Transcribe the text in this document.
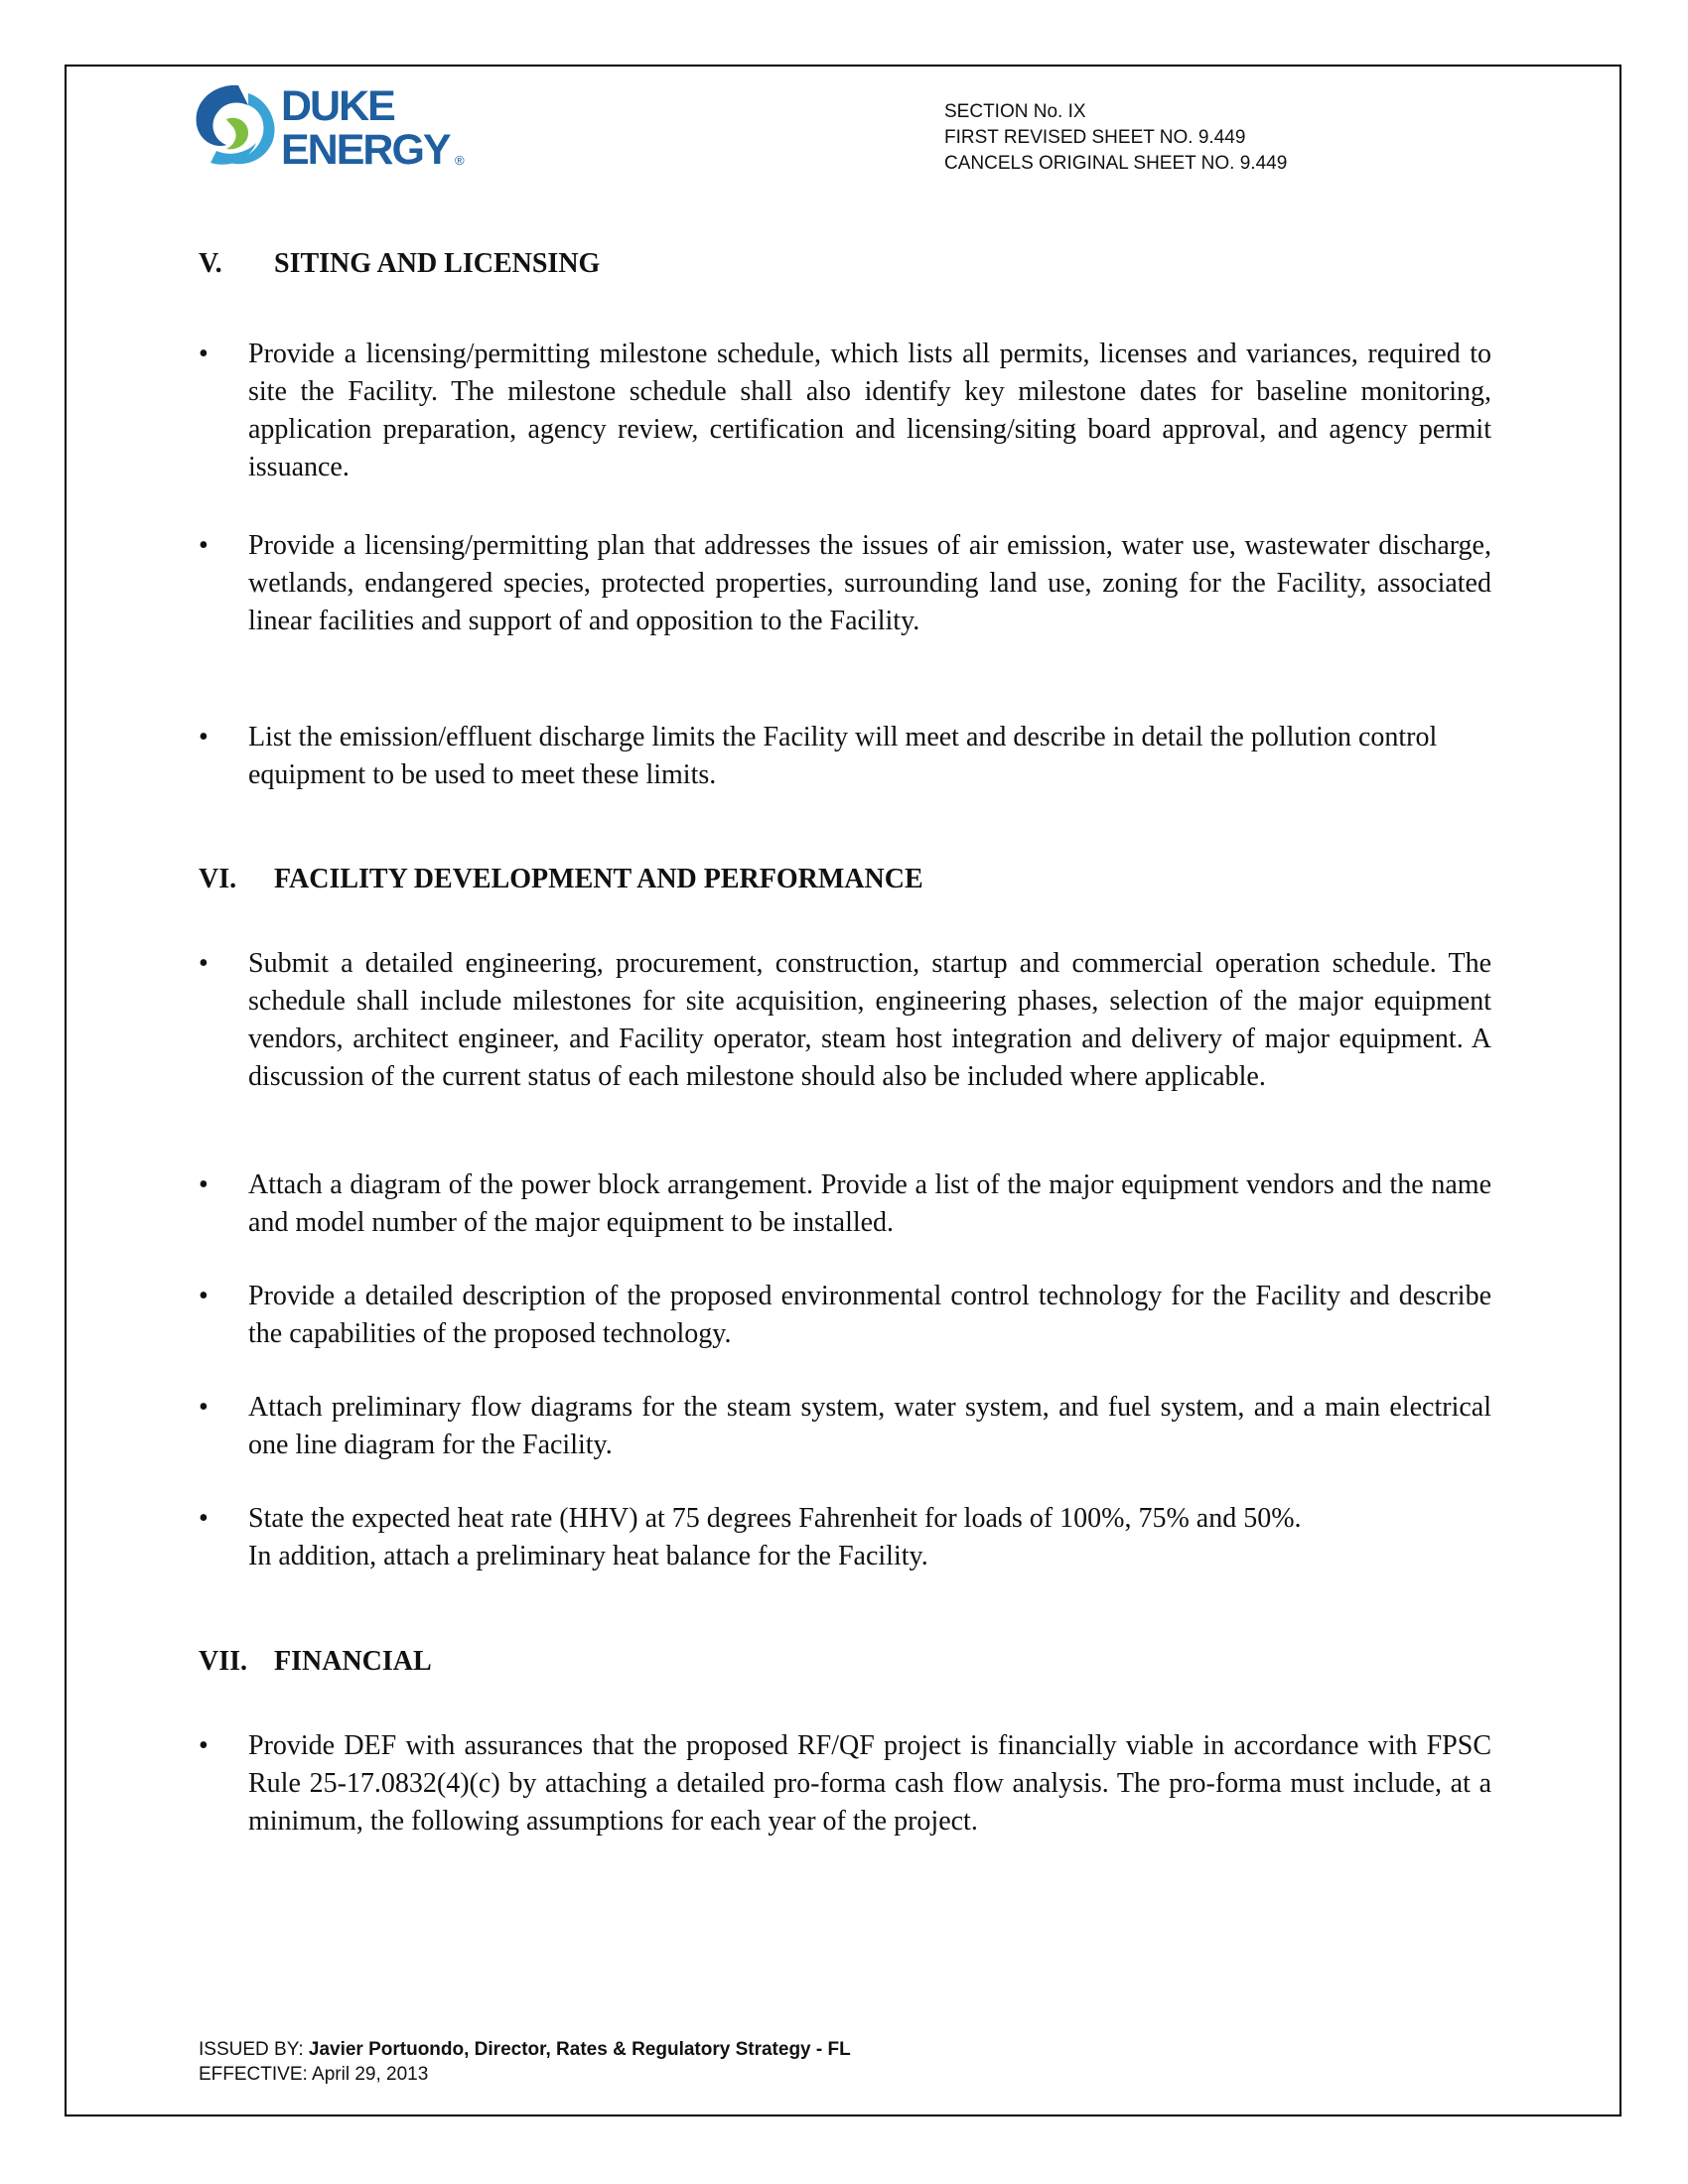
DUKE
ENERGY ®
SECTION No. IX
FIRST REVISED SHEET NO. 9.449
CANCELS ORIGINAL SHEET NO. 9.449
V. SITING AND LICENSING
• Provide a licensing/permitting milestone schedule, which lists all permits, licenses and variances, required to site the Facility. The milestone schedule shall also identify key milestone dates for baseline monitoring, application preparation, agency review, certification and licensing/siting board approval, and agency permit issuance.
• Provide a licensing/permitting plan that addresses the issues of air emission, water use, wastewater discharge, wetlands, endangered species, protected properties, surrounding land use, zoning for the Facility, associated linear facilities and support of and opposition to the Facility.
• List the emission/effluent discharge limits the Facility will meet and describe in detail the pollution control equipment to be used to meet these limits.
VI. FACILITY DEVELOPMENT AND PERFORMANCE
• Submit a detailed engineering, procurement, construction, startup and commercial operation schedule. The schedule shall include milestones for site acquisition, engineering phases, selection of the major equipment vendors, architect engineer, and Facility operator, steam host integration and delivery of major equipment. A discussion of the current status of each milestone should also be included where applicable.
• Attach a diagram of the power block arrangement. Provide a list of the major equipment vendors and the name and model number of the major equipment to be installed.
• Provide a detailed description of the proposed environmental control technology for the Facility and describe the capabilities of the proposed technology.
• Attach preliminary flow diagrams for the steam system, water system, and fuel system, and a main electrical one line diagram for the Facility.
• State the expected heat rate (HHV) at 75 degrees Fahrenheit for loads of 100%, 75% and 50%.
In addition, attach a preliminary heat balance for the Facility.
VII. FINANCIAL
• Provide DEF with assurances that the proposed RF/QF project is financially viable in accordance with FPSC Rule 25-17.0832(4)(c) by attaching a detailed pro-forma cash flow analysis. The pro-forma must include, at a minimum, the following assumptions for each year of the project.
ISSUED BY: Javier Portuondo, Director, Rates & Regulatory Strategy - FL
EFFECTIVE: April 29, 2013
